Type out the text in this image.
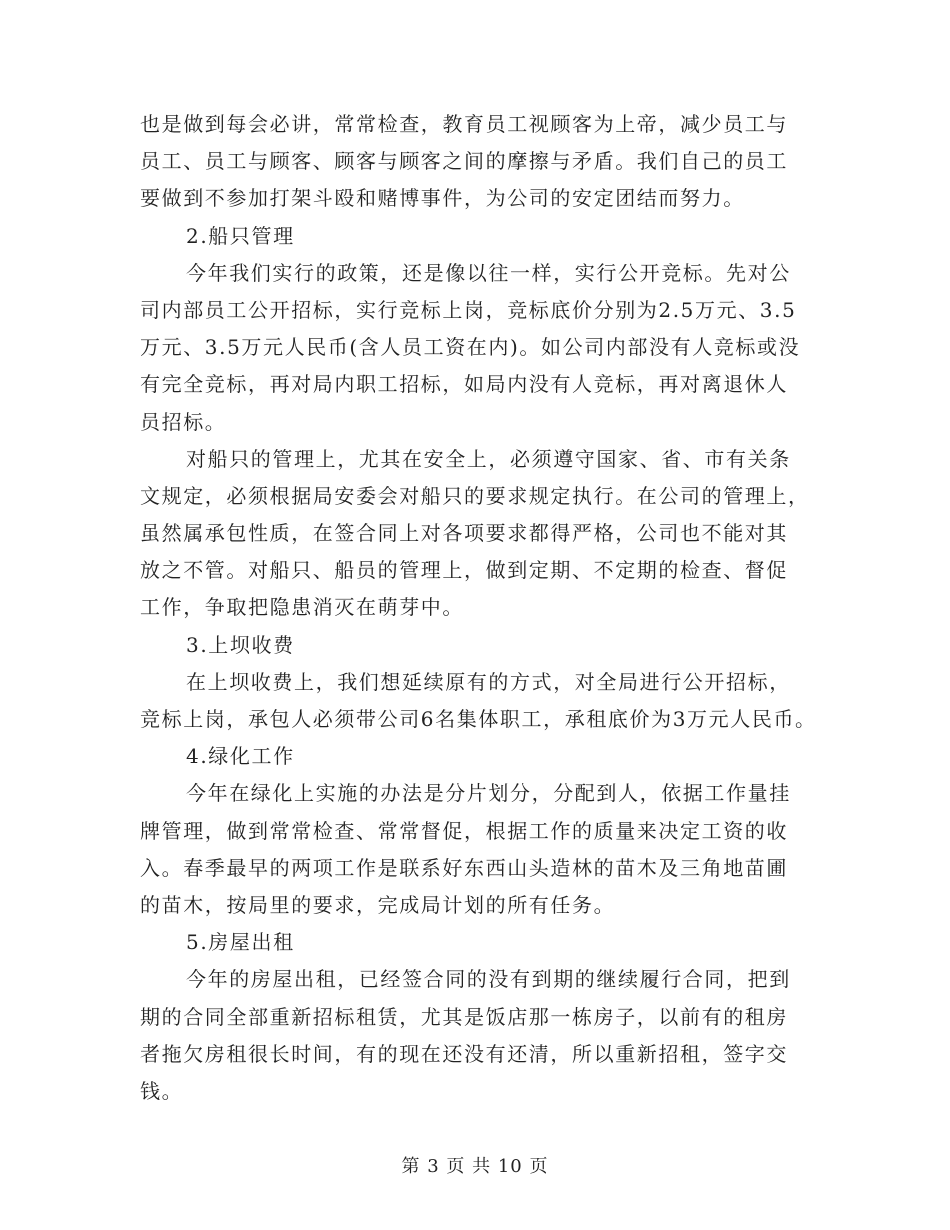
也是做到每会必讲，常常检查，教育员工视顾客为上帝，减少员工与
员工、员工与顾客、顾客与顾客之间的摩擦与矛盾。我们自己的员工
要做到不参加打架斗殴和赌博事件，为公司的安定团结而努力。
2.船只管理
今年我们实行的政策，还是像以往一样，实行公开竞标。先对公
司内部员工公开招标，实行竞标上岗，竞标底价分别为2.5万元、3.5
万元、3.5万元人民币(含人员工资在内)。如公司内部没有人竞标或没
有完全竞标，再对局内职工招标，如局内没有人竞标，再对离退休人
员招标。
对船只的管理上，尤其在安全上，必须遵守国家、省、市有关条
文规定，必须根据局安委会对船只的要求规定执行。在公司的管理上，
虽然属承包性质，在签合同上对各项要求都得严格，公司也不能对其
放之不管。对船只、船员的管理上，做到定期、不定期的检查、督促
工作，争取把隐患消灭在萌芽中。
3.上坝收费
在上坝收费上，我们想延续原有的方式，对全局进行公开招标，
竞标上岗，承包人必须带公司6名集体职工，承租底价为3万元人民币。
4.绿化工作
今年在绿化上实施的办法是分片划分，分配到人，依据工作量挂
牌管理，做到常常检查、常常督促，根据工作的质量来决定工资的收
入。春季最早的两项工作是联系好东西山头造林的苗木及三角地苗圃
的苗木，按局里的要求，完成局计划的所有任务。
5.房屋出租
今年的房屋出租，已经签合同的没有到期的继续履行合同，把到
期的合同全部重新招标租赁，尤其是饭店那一栋房子，以前有的租房
者拖欠房租很长时间，有的现在还没有还清，所以重新招租，签字交
钱。
第 3 页 共 10 页
